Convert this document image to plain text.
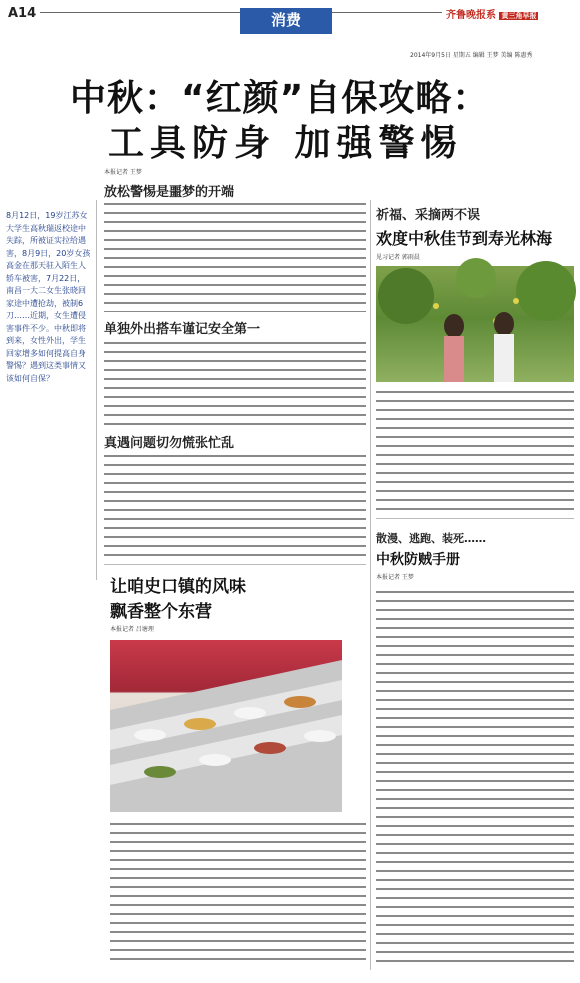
A14	消费	齐鲁晚报系 黄三角早报
2014年9月5日 星期五 编辑 王梦 美编 陈惠秀
中秋：“红颜”自保攻略：
工具防身 加强警惕
本报记者 王梦
8月12日，19岁江苏女大学生高秋瑞返校途中失踪，所被证实拉给遇害，8月9日，20岁女孩高金在那天驻入陌生人轿车被害，7月22日，南昌一大二女生张晓回家途中遭抢劫，被制6刀……近期，女生遭侵害事件不少。中秋即将到来，女性外出，学生回家增多如何提高自身警惕？遇到这类事情又该如何自保？
放松警惕是噩梦的开端
单独外出搭车谨记安全第一
真遇问题切勿慌张忙乱
祈福、采摘两不误
欢度中秋佳节到寿光林海
见习记者 郭雨晨
散漫、逃跑、装死……
中秋防贼手册
本报记者 王梦
让咱史口镇的风味
飘香整个东营
本报记者 吕塘理
